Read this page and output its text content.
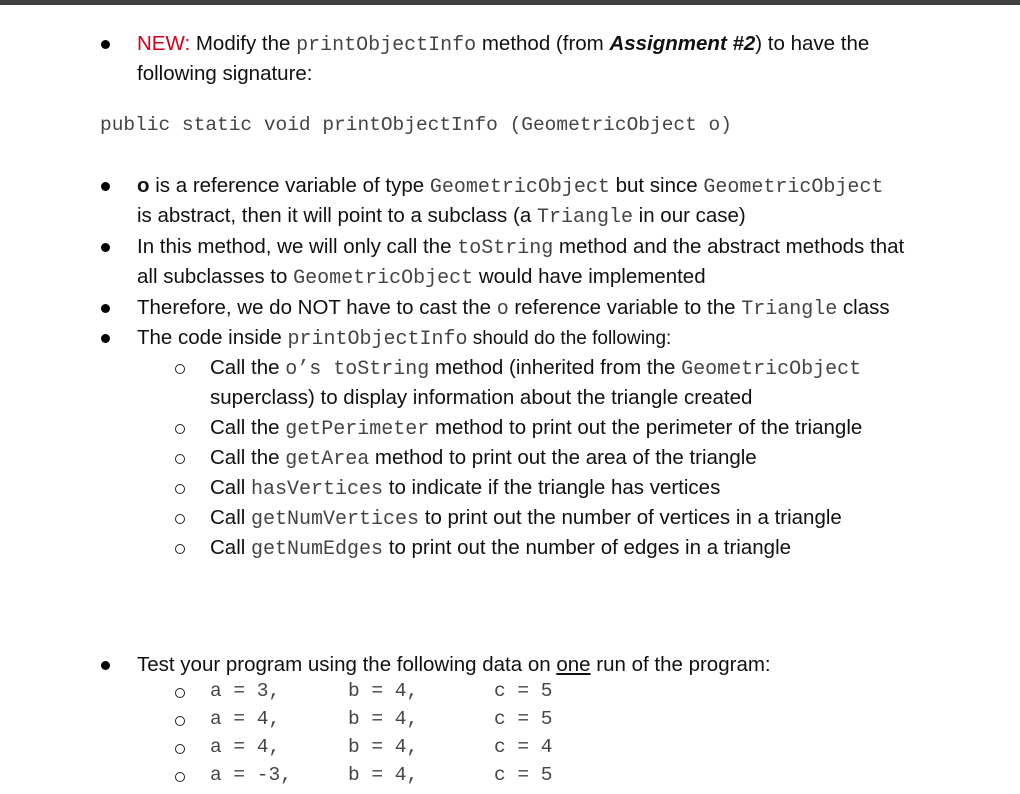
NEW: Modify the printObjectInfo method (from Assignment #2) to have the
following signature:
public static void printObjectInfo (GeometricObject o)
o is a reference variable of type GeometricObject but since GeometricObject
is abstract, then it will point to a subclass (a Triangle in our case)
In this method, we will only call the toString method and the abstract methods that
all subclasses to GeometricObject would have implemented
Therefore, we do NOT have to cast the o reference variable to the Triangle class
The code inside printObjectInfo should do the following:
Call the o’s toString method (inherited from the GeometricObject
superclass) to display information about the triangle created
Call the getPerimeter method to print out the perimeter of the triangle
Call the getArea method to print out the area of the triangle
Call hasVertices to indicate if the triangle has vertices
Call getNumVertices to print out the number of vertices in a triangle
Call getNumEdges to print out the number of edges in a triangle
Test your program using the following data on one run of the program:
a = 3,	b = 4,	c = 5
a = 4,	b = 4,	c = 5
a = 4,	b = 4,	c = 4
a = -3,	b = 4,	c = 5
